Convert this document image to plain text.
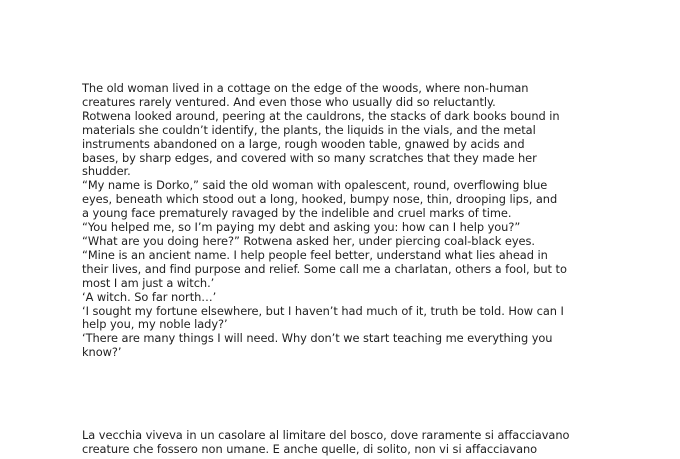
The old woman lived in a cottage on the edge of the woods, where non-human
creatures rarely ventured. And even those who usually did so reluctantly.
Rotwena looked around, peering at the cauldrons, the stacks of dark books bound in
materials she couldn’t identify, the plants, the liquids in the vials, and the metal
instruments abandoned on a large, rough wooden table, gnawed by acids and
bases, by sharp edges, and covered with so many scratches that they made her
shudder.
“My name is Dorko,” said the old woman with opalescent, round, overflowing blue
eyes, beneath which stood out a long, hooked, bumpy nose, thin, drooping lips, and
a young face prematurely ravaged by the indelible and cruel marks of time.
“You helped me, so I’m paying my debt and asking you: how can I help you?”
“What are you doing here?” Rotwena asked her, under piercing coal-black eyes.
“Mine is an ancient name. I help people feel better, understand what lies ahead in
their lives, and find purpose and relief. Some call me a charlatan, others a fool, but to
most I am just a witch.’
‘A witch. So far north…’
‘I sought my fortune elsewhere, but I haven’t had much of it, truth be told. How can I
help you, my noble lady?’
‘There are many things I will need. Why don’t we start teaching me everything you
know?’
La vecchia viveva in un casolare al limitare del bosco, dove raramente si affacciavano
creature che fossero non umane. E anche quelle, di solito, non vi si affacciavano
